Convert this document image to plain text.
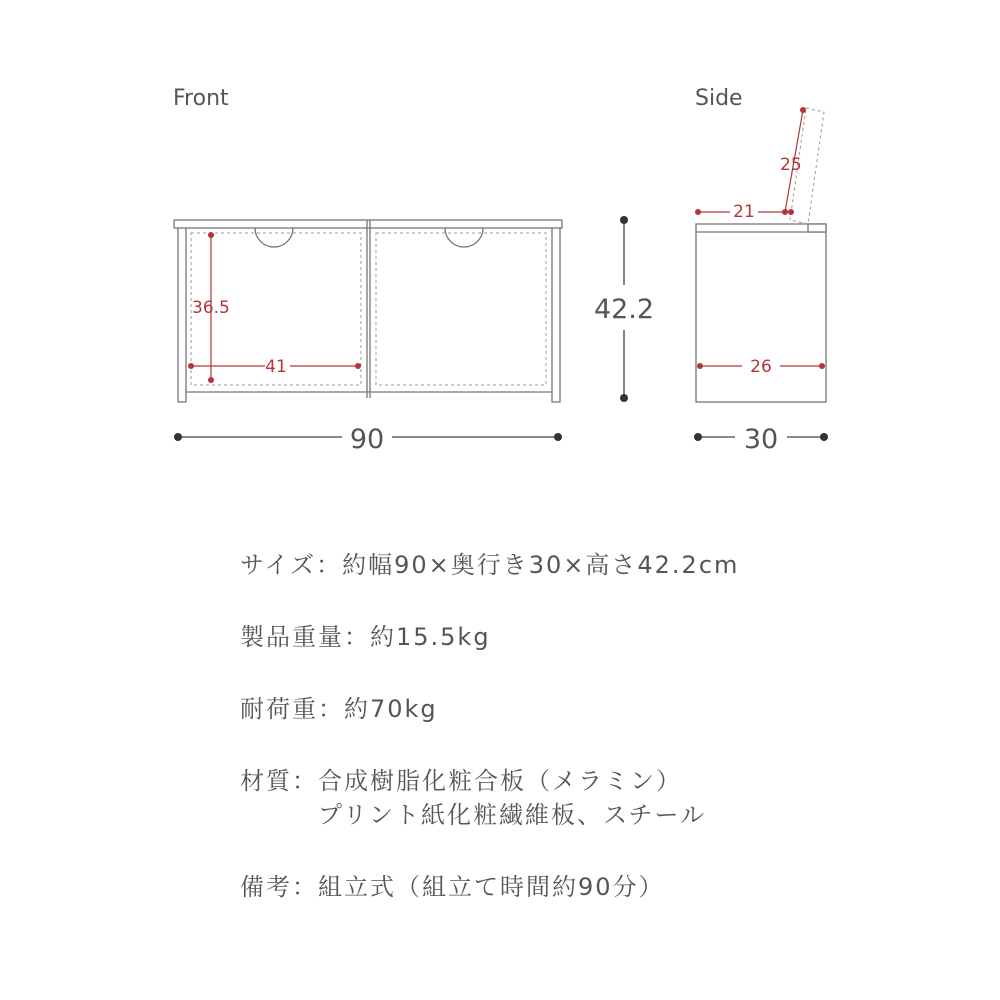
Front
36.5
41
90
42.2
Side
25
21
26
30
サイズ： 約幅90×奥行き30×高さ42.2cm
製品重量： 約15.5kg
耐荷重： 約70kg
材質： 合成樹脂化粧合板（メラミン）
プリント紙化粧繊維板、スチール
備考： 組立式（組立て時間約90分）
